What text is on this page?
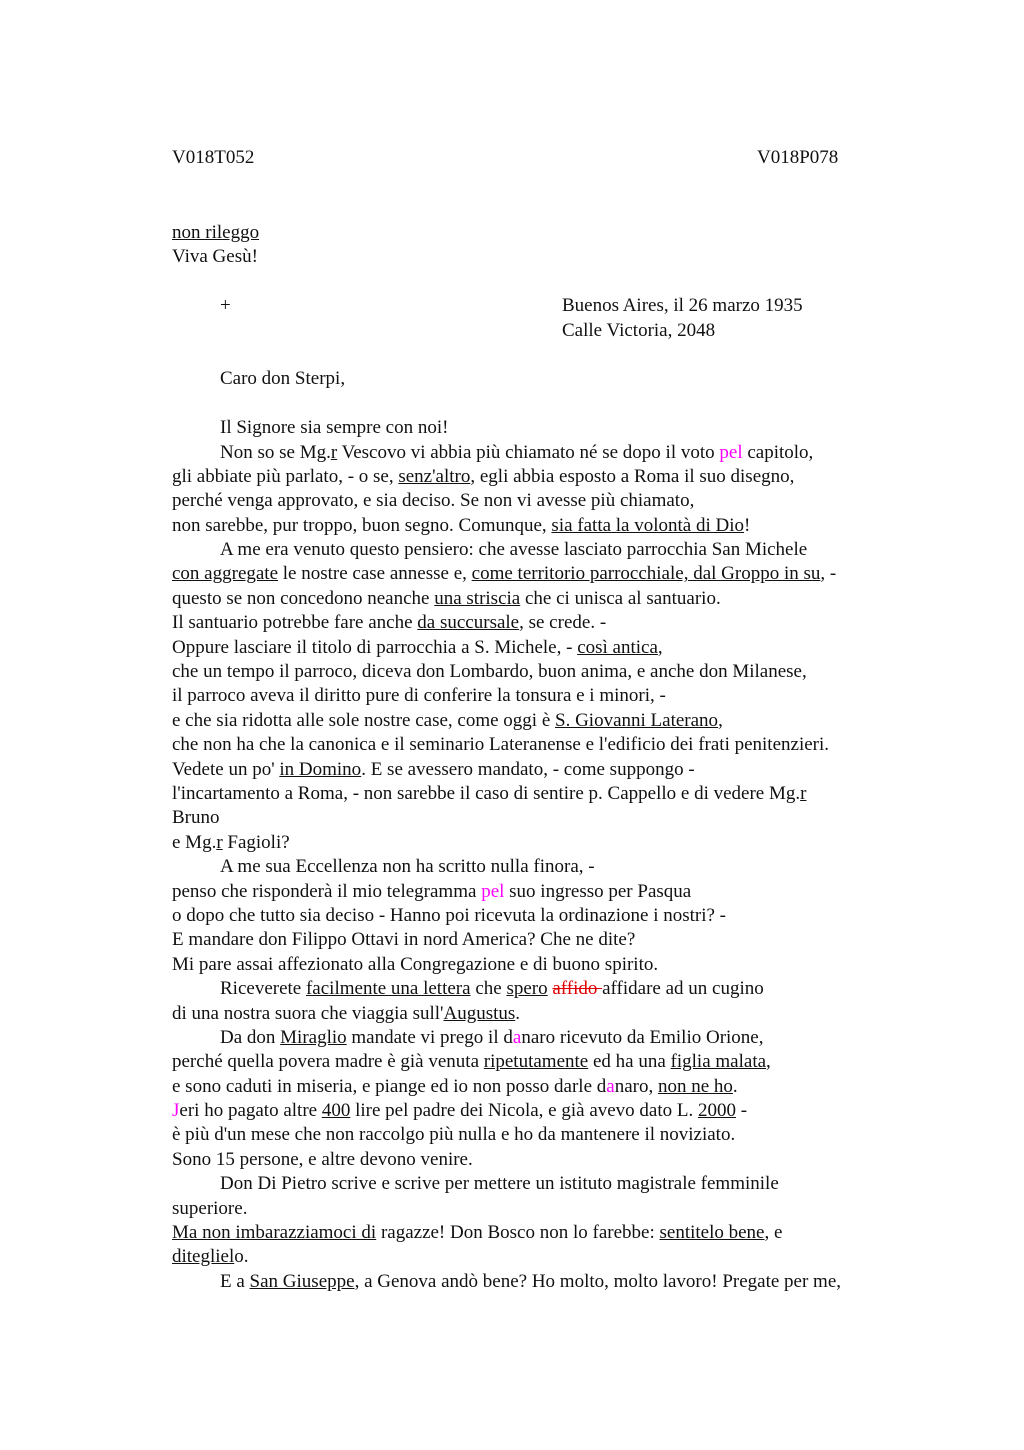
V018T052	V018P078
non rileggo
Viva Gesù!
+	Buenos Aires, il 26 marzo 1935
Calle Victoria, 2048
Caro don Sterpi,
Il Signore sia sempre con noi!
Non so se Mg.r Vescovo vi abbia più chiamato né se dopo il voto pel capitolo,
gli abbiate più parlato, - o se, senz'altro, egli abbia esposto a Roma il suo disegno,
perché venga approvato, e sia deciso. Se non vi avesse più chiamato,
non sarebbe, pur troppo, buon segno. Comunque, sia fatta la volontà di Dio!
A me era venuto questo pensiero: che avesse lasciato parrocchia San Michele
con aggregate le nostre case annesse e, come territorio parrocchiale, dal Groppo in su, -
questo se non concedono neanche una striscia che ci unisca al santuario.
Il santuario potrebbe fare anche da succursale, se crede. -
Oppure lasciare il titolo di parrocchia a S. Michele, - così antica,
che un tempo il parroco, diceva don Lombardo, buon anima, e anche don Milanese,
il parroco aveva il diritto pure di conferire la tonsura e i minori, -
e che sia ridotta alle sole nostre case, come oggi è S. Giovanni Laterano,
che non ha che la canonica e il seminario Lateranense e l'edificio dei frati penitenzieri.
Vedete un po' in Domino. E se avessero mandato, - come suppongo -
l'incartamento a Roma, - non sarebbe il caso di sentire p. Cappello e di vedere Mg.r
Bruno
e Mg.r Fagioli?
A me sua Eccellenza non ha scritto nulla finora, -
penso che risponderà il mio telegramma pel suo ingresso per Pasqua
o dopo che tutto sia deciso - Hanno poi ricevuta la ordinazione i nostri? -
E mandare don Filippo Ottavi in nord America? Che ne dite?
Mi pare assai affezionato alla Congregazione e di buono spirito.
Riceverete facilmente una lettera che spero affido affidare ad un cugino
di una nostra suora che viaggia sull'Augustus.
Da don Miraglio mandate vi prego il danaro ricevuto da Emilio Orione,
perché quella povera madre è già venuta ripetutamente ed ha una figlia malata,
e sono caduti in miseria, e piange ed io non posso darle danaro, non ne ho.
Jeri ho pagato altre 400 lire pel padre dei Nicola, e già avevo dato L. 2000 -
è più d'un mese che non raccolgo più nulla e ho da mantenere il noviziato.
Sono 15 persone, e altre devono venire.
Don Di Pietro scrive e scrive per mettere un istituto magistrale femminile
superiore.
Ma non imbarazziamoci di ragazze! Don Bosco non lo farebbe: sentitelo bene, e
diteglielo.
E a San Giuseppe, a Genova andò bene? Ho molto, molto lavoro! Pregate per me,
